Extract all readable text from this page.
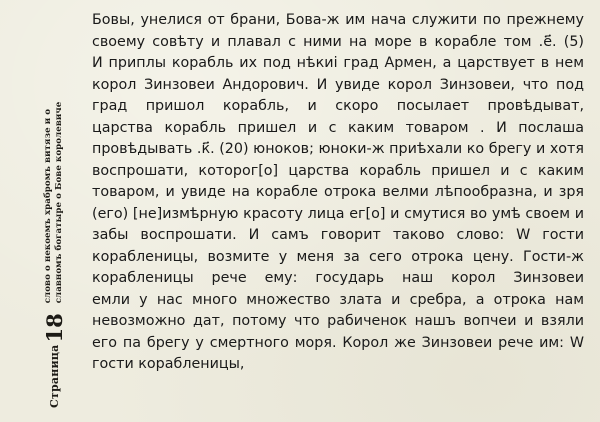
Страница
18
слово о некоемъ храбромъ витязе и о славномъ богатыре о Бове королевиче
Бовы, унелися от брани, Бова-ж им нача служити по прежнему
своему совѣту и плавал с ними на море в корабле том .е҃. (5)
И приплы корабль их под нѣкиі град Армен, а царствует в нем
корол Зинзовеи Андорович. И увиде корол Зинзовеи, что под
град пришол корабль, и скоро посылает провѣдыват,
царства корабль пришел и с каким товаром . И послаша
провѣдывать .к҃. (20) юноков; юноки-ж приѣхали ко брегу и хотя
воспрошати, которог[о] царства корабль пришел и с каким
товаром, и увиде на корабле отрока велми лѣпообразна, и зря
(его) [не]измѣрную красоту лица ег[о] и смутися во умѣ своем и
забы воспрошати. И самъ говорит таково слово: W гости
корабленицы, возмите у меня за сего отрока цену. Гости-ж
корабленицы рече ему: государь наш корол Зинзовеи
емли у нас много множество злата и сребра, а отрока нам
невозможно дат, потому что рабиченок нашъ вопчеи и взяли
его па брегу у смертного моря. Корол же Зинзовеи рече им: W
гости корабленицы,
